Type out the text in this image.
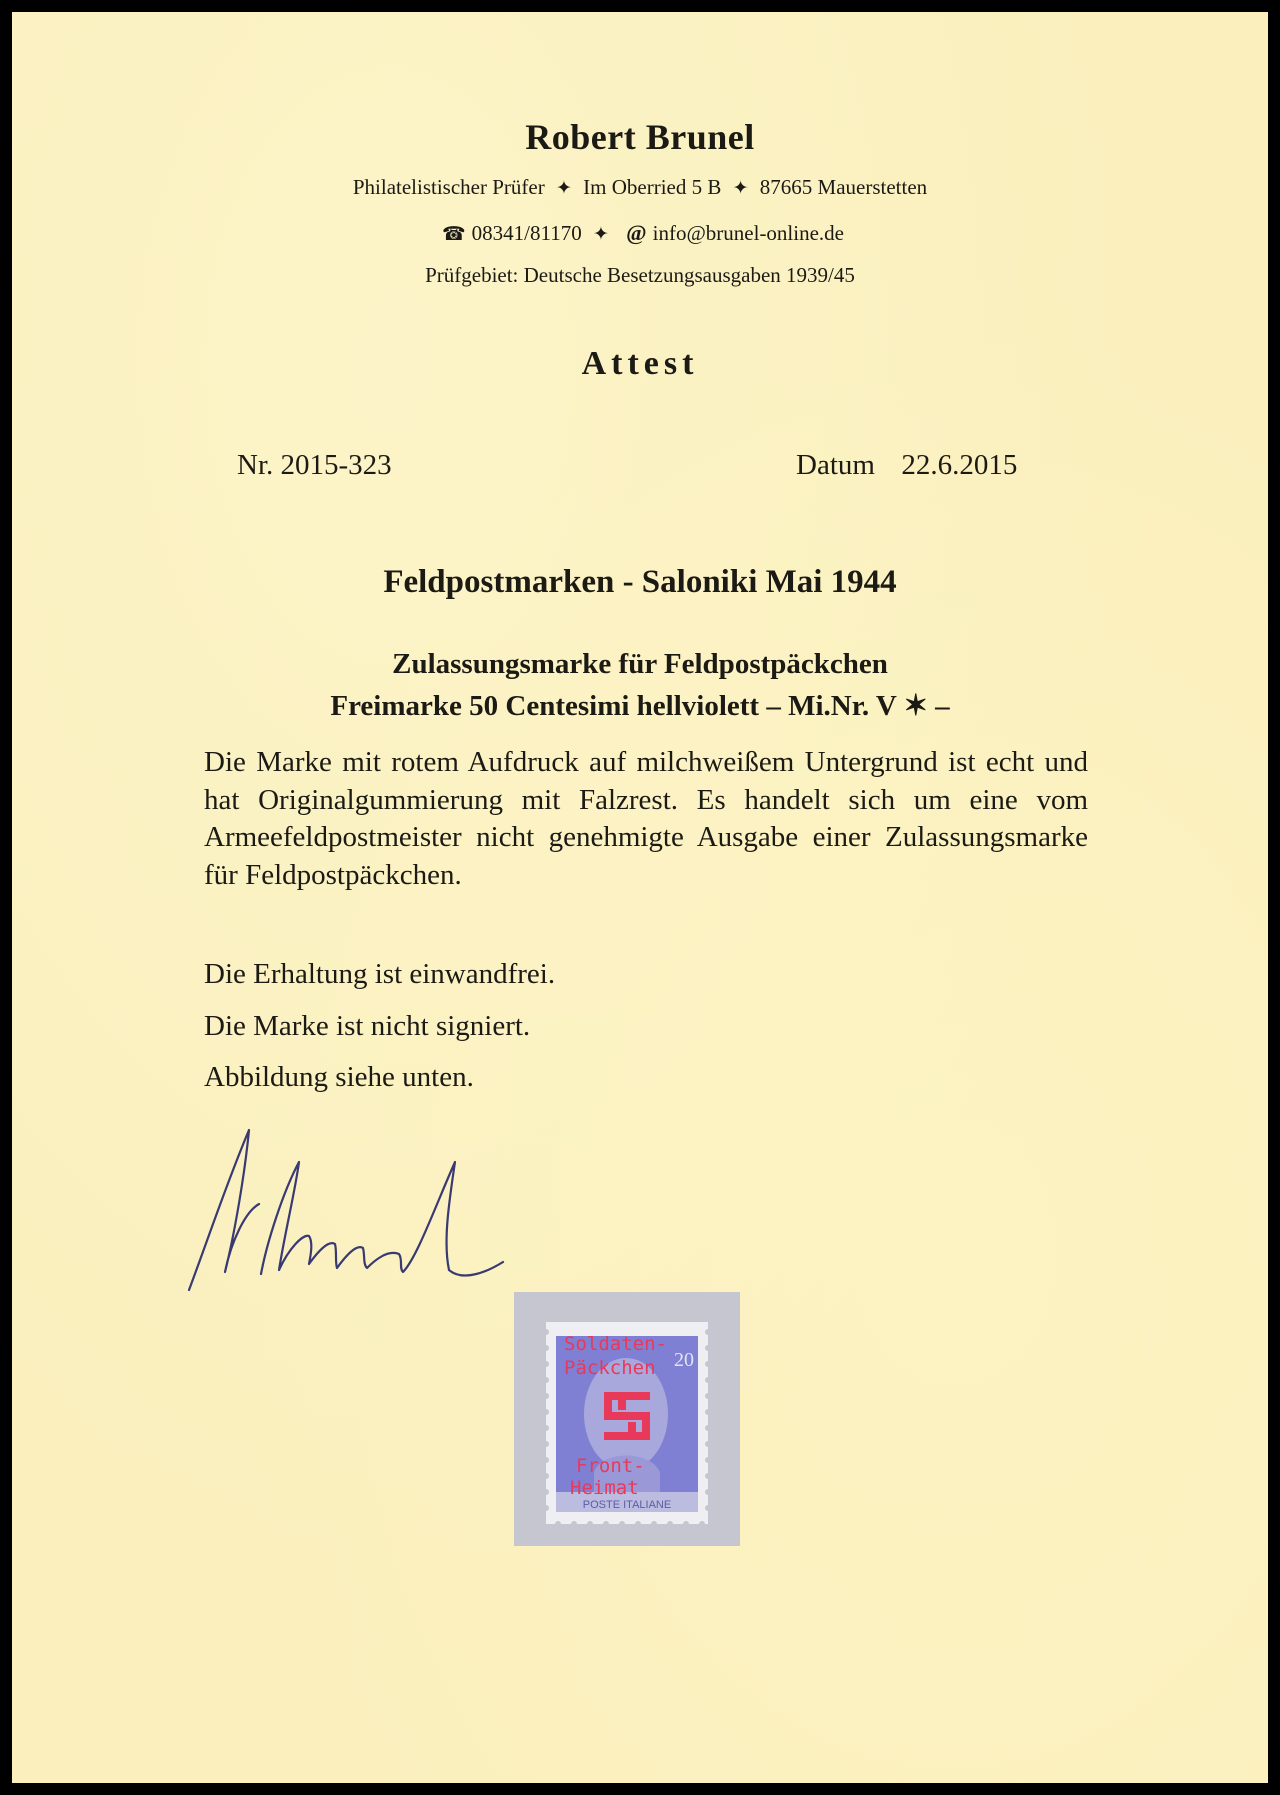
Robert Brunel
Philatelistischer Prüfer ✦ Im Oberried 5 B ✦ 87665 Mauerstetten
☎ 08341/81170 ✦ @ info@brunel-online.de
Prüfgebiet: Deutsche Besetzungsausgaben 1939/45
Attest
Nr. 2015-323	Datum  22.6.2015
Feldpostmarken - Saloniki Mai 1944
Zulassungsmarke für Feldpostpäckchen
Freimarke 50 Centesimi hellviolett – Mi.Nr. V ✶ –
Die Marke mit rotem Aufdruck auf milchweißem Untergrund ist echt und hat Originalgummierung mit Falzrest. Es handelt sich um eine vom Armeefeldpostmeister nicht genehmigte Ausgabe einer Zulassungsmarke für Feldpostpäckchen.
Die Erhaltung ist einwandfrei.
Die Marke ist nicht signiert.
Abbildung siehe unten.
POSTE ITALIANE
20
Soldaten-
Päckchen
Front-
Heimat
